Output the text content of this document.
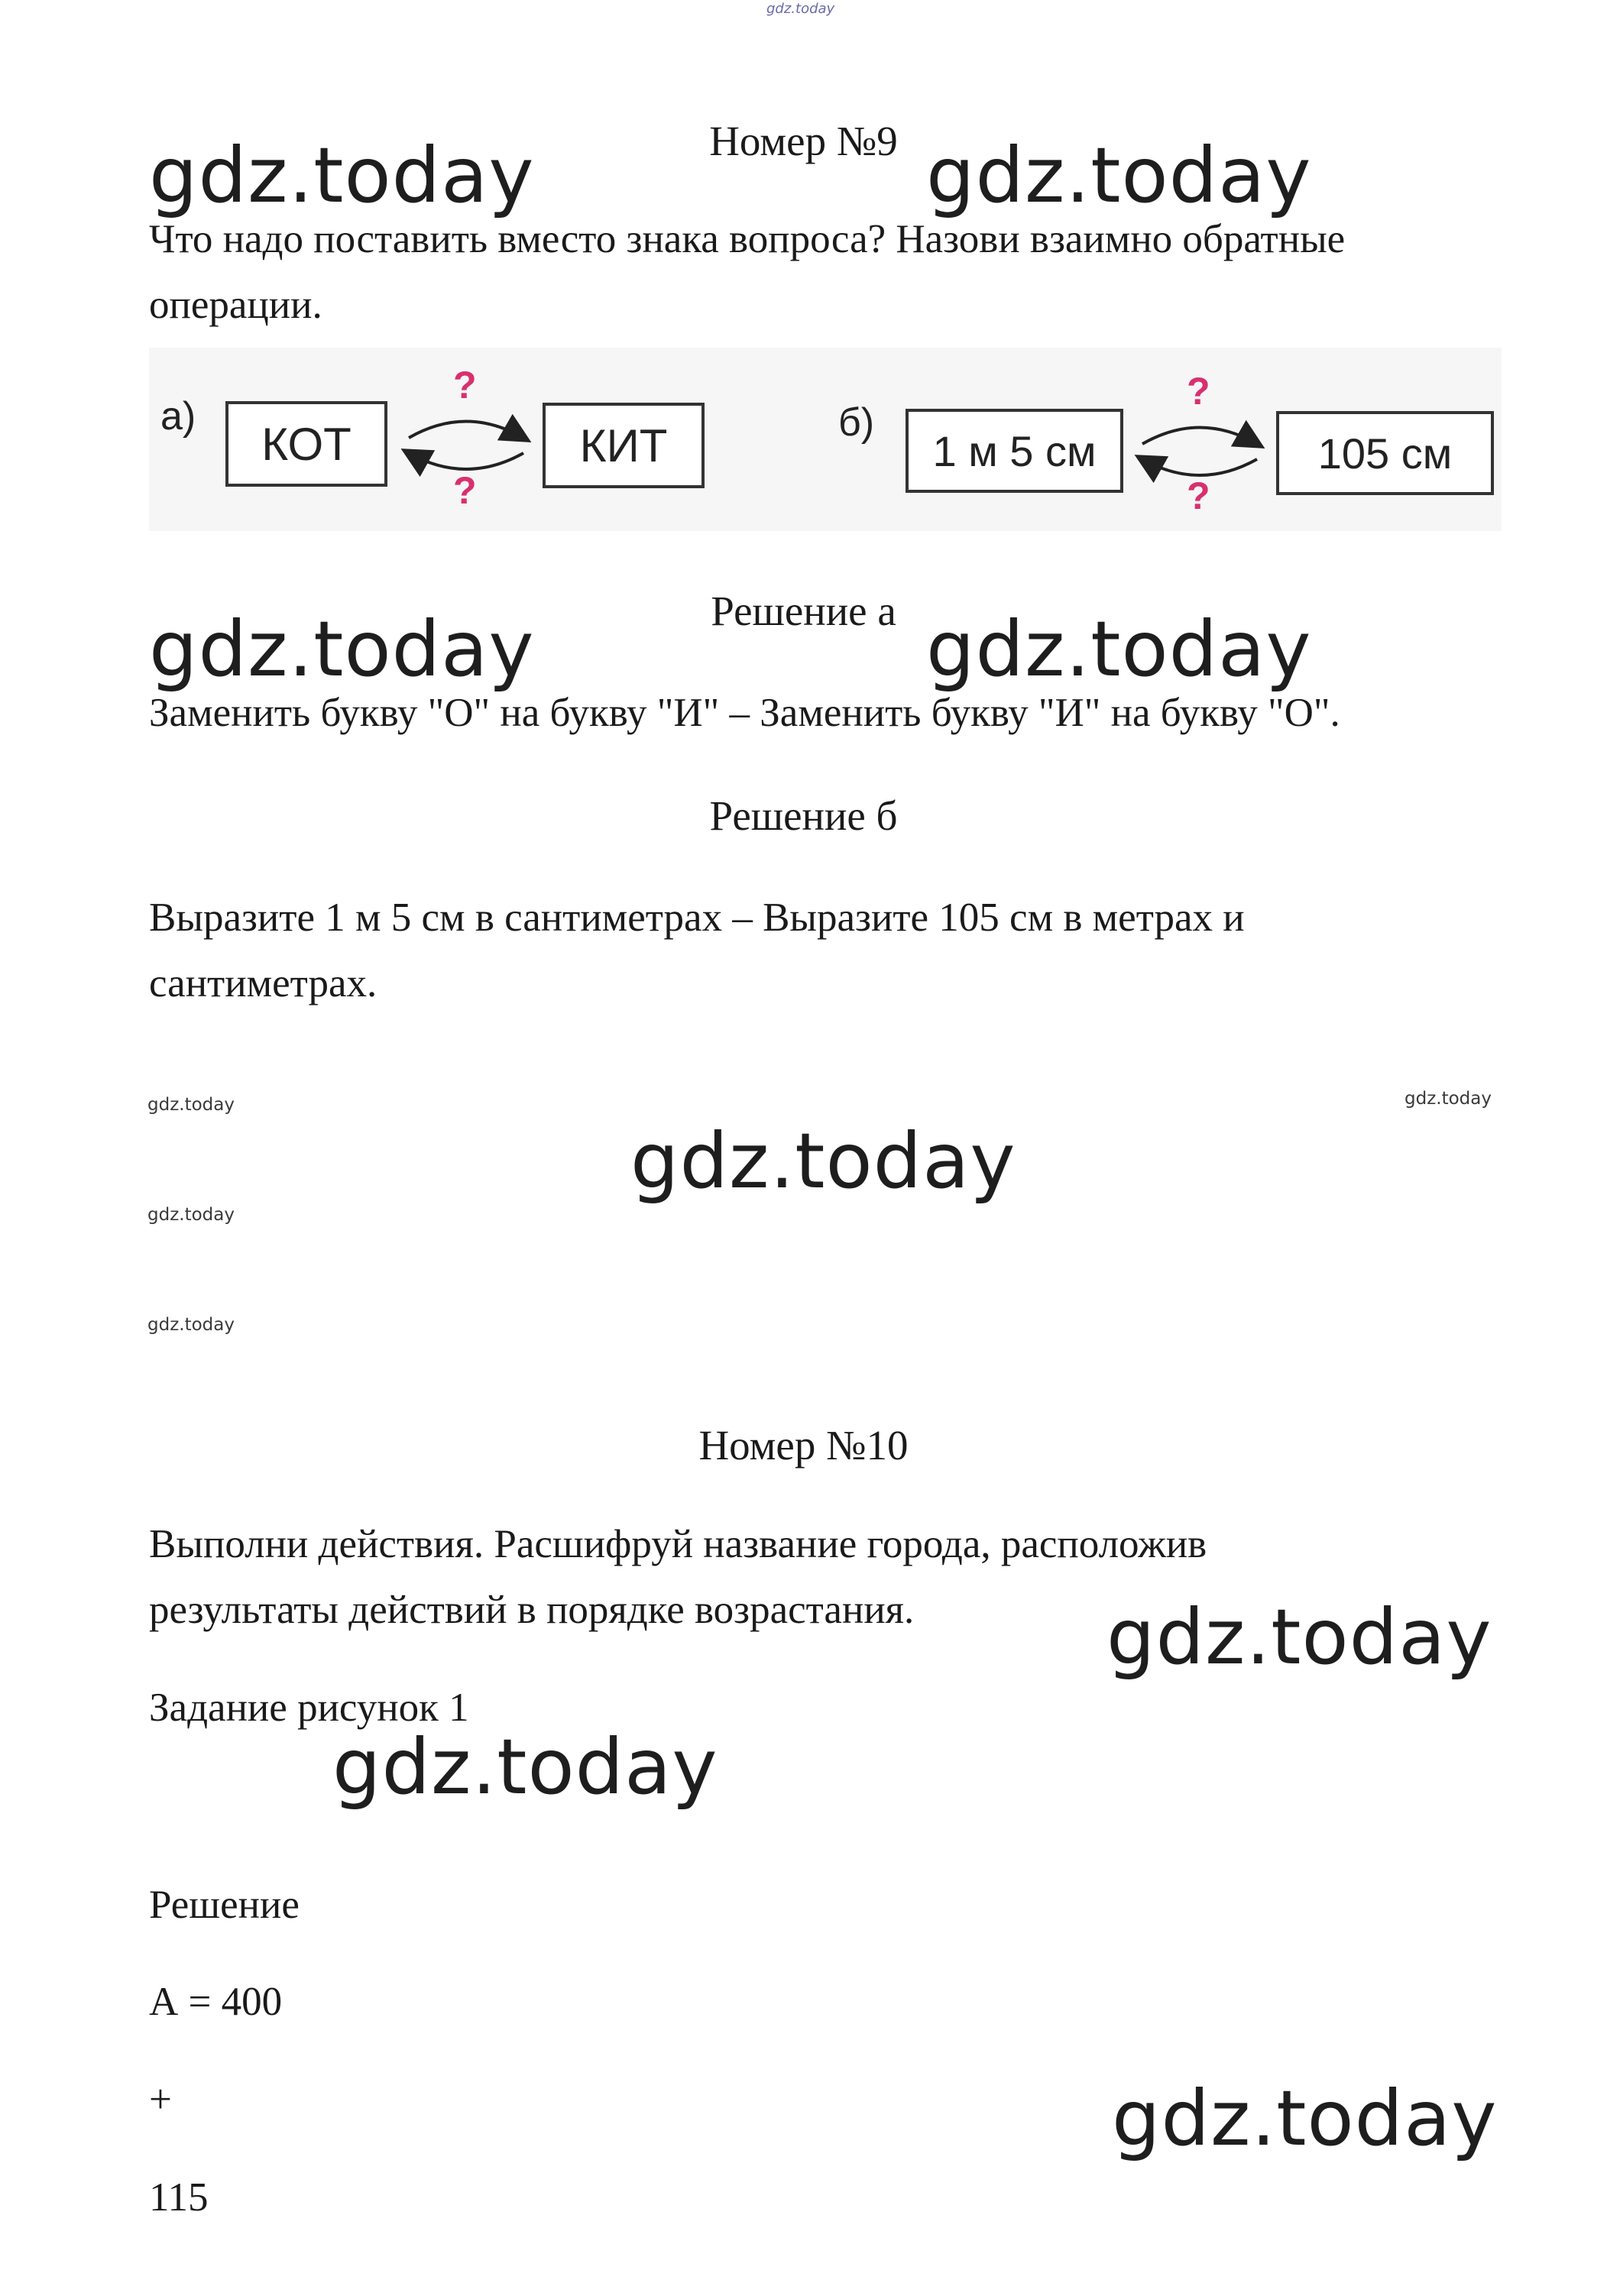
gdz.today
Номер №9
gdz.today	gdz.today
Что надо поставить вместо знака вопроса? Назови взаимно обратные операции.
а)
КОТ	КИТ
?
?
б)
1 м 5 см	105 см
?
?
Решение а
gdz.today	gdz.today
Заменить букву "О" на букву "И" – Заменить букву "И" на букву "О".
Решение б
Выразите 1 м 5 см в сантиметрах – Выразите 105 см в метрах и сантиметрах.
gdz.today	gdz.today
gdz.today
gdz.today
gdz.today
Номер №10
Выполни действия. Расшифруй название города, расположив результаты действий в порядке возрастания.	gdz.today
Задание рисунок 1
gdz.today
Решение
А = 400
+	gdz.today
115
